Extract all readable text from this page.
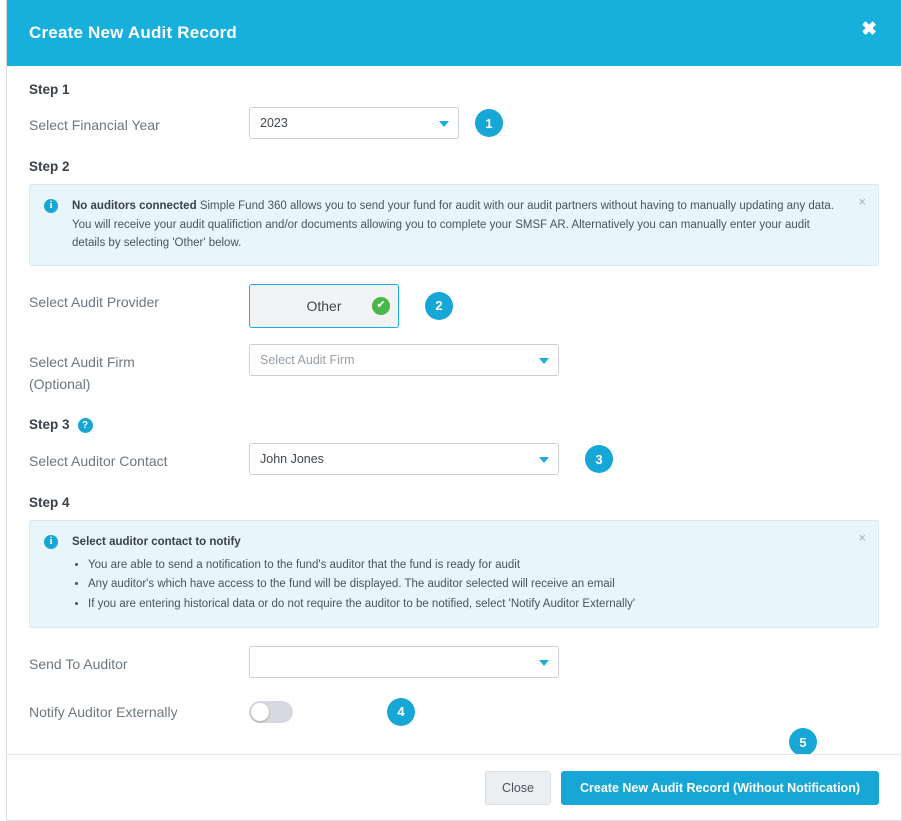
Create New Audit Record	✖
Step 1
Select Financial Year	2023	1
Step 2
i	×
No auditors connected Simple Fund 360 allows you to send your fund for audit with our audit partners without having to manually updating any data. You will receive your audit qualifiction and/or documents allowing you to complete your SMSF AR. Alternatively you can manually enter your audit details by selecting 'Other' below.
Select Audit Provider	Other	✔	2
Select Audit Firm
(Optional)
Select Audit Firm
Step 3 ?
Select Auditor Contact	John Jones	3
Step 4
i	×
Select auditor contact to notify
• You are able to send a notification to the fund's auditor that the fund is ready for audit
• Any auditor's which have access to the fund will be displayed. The auditor selected will receive an email
• If you are entering historical data or do not require the auditor to be notified, select 'Notify Auditor Externally'
Send To Auditor
Notify Auditor Externally	4
5
Close	Create New Audit Record (Without Notification)
